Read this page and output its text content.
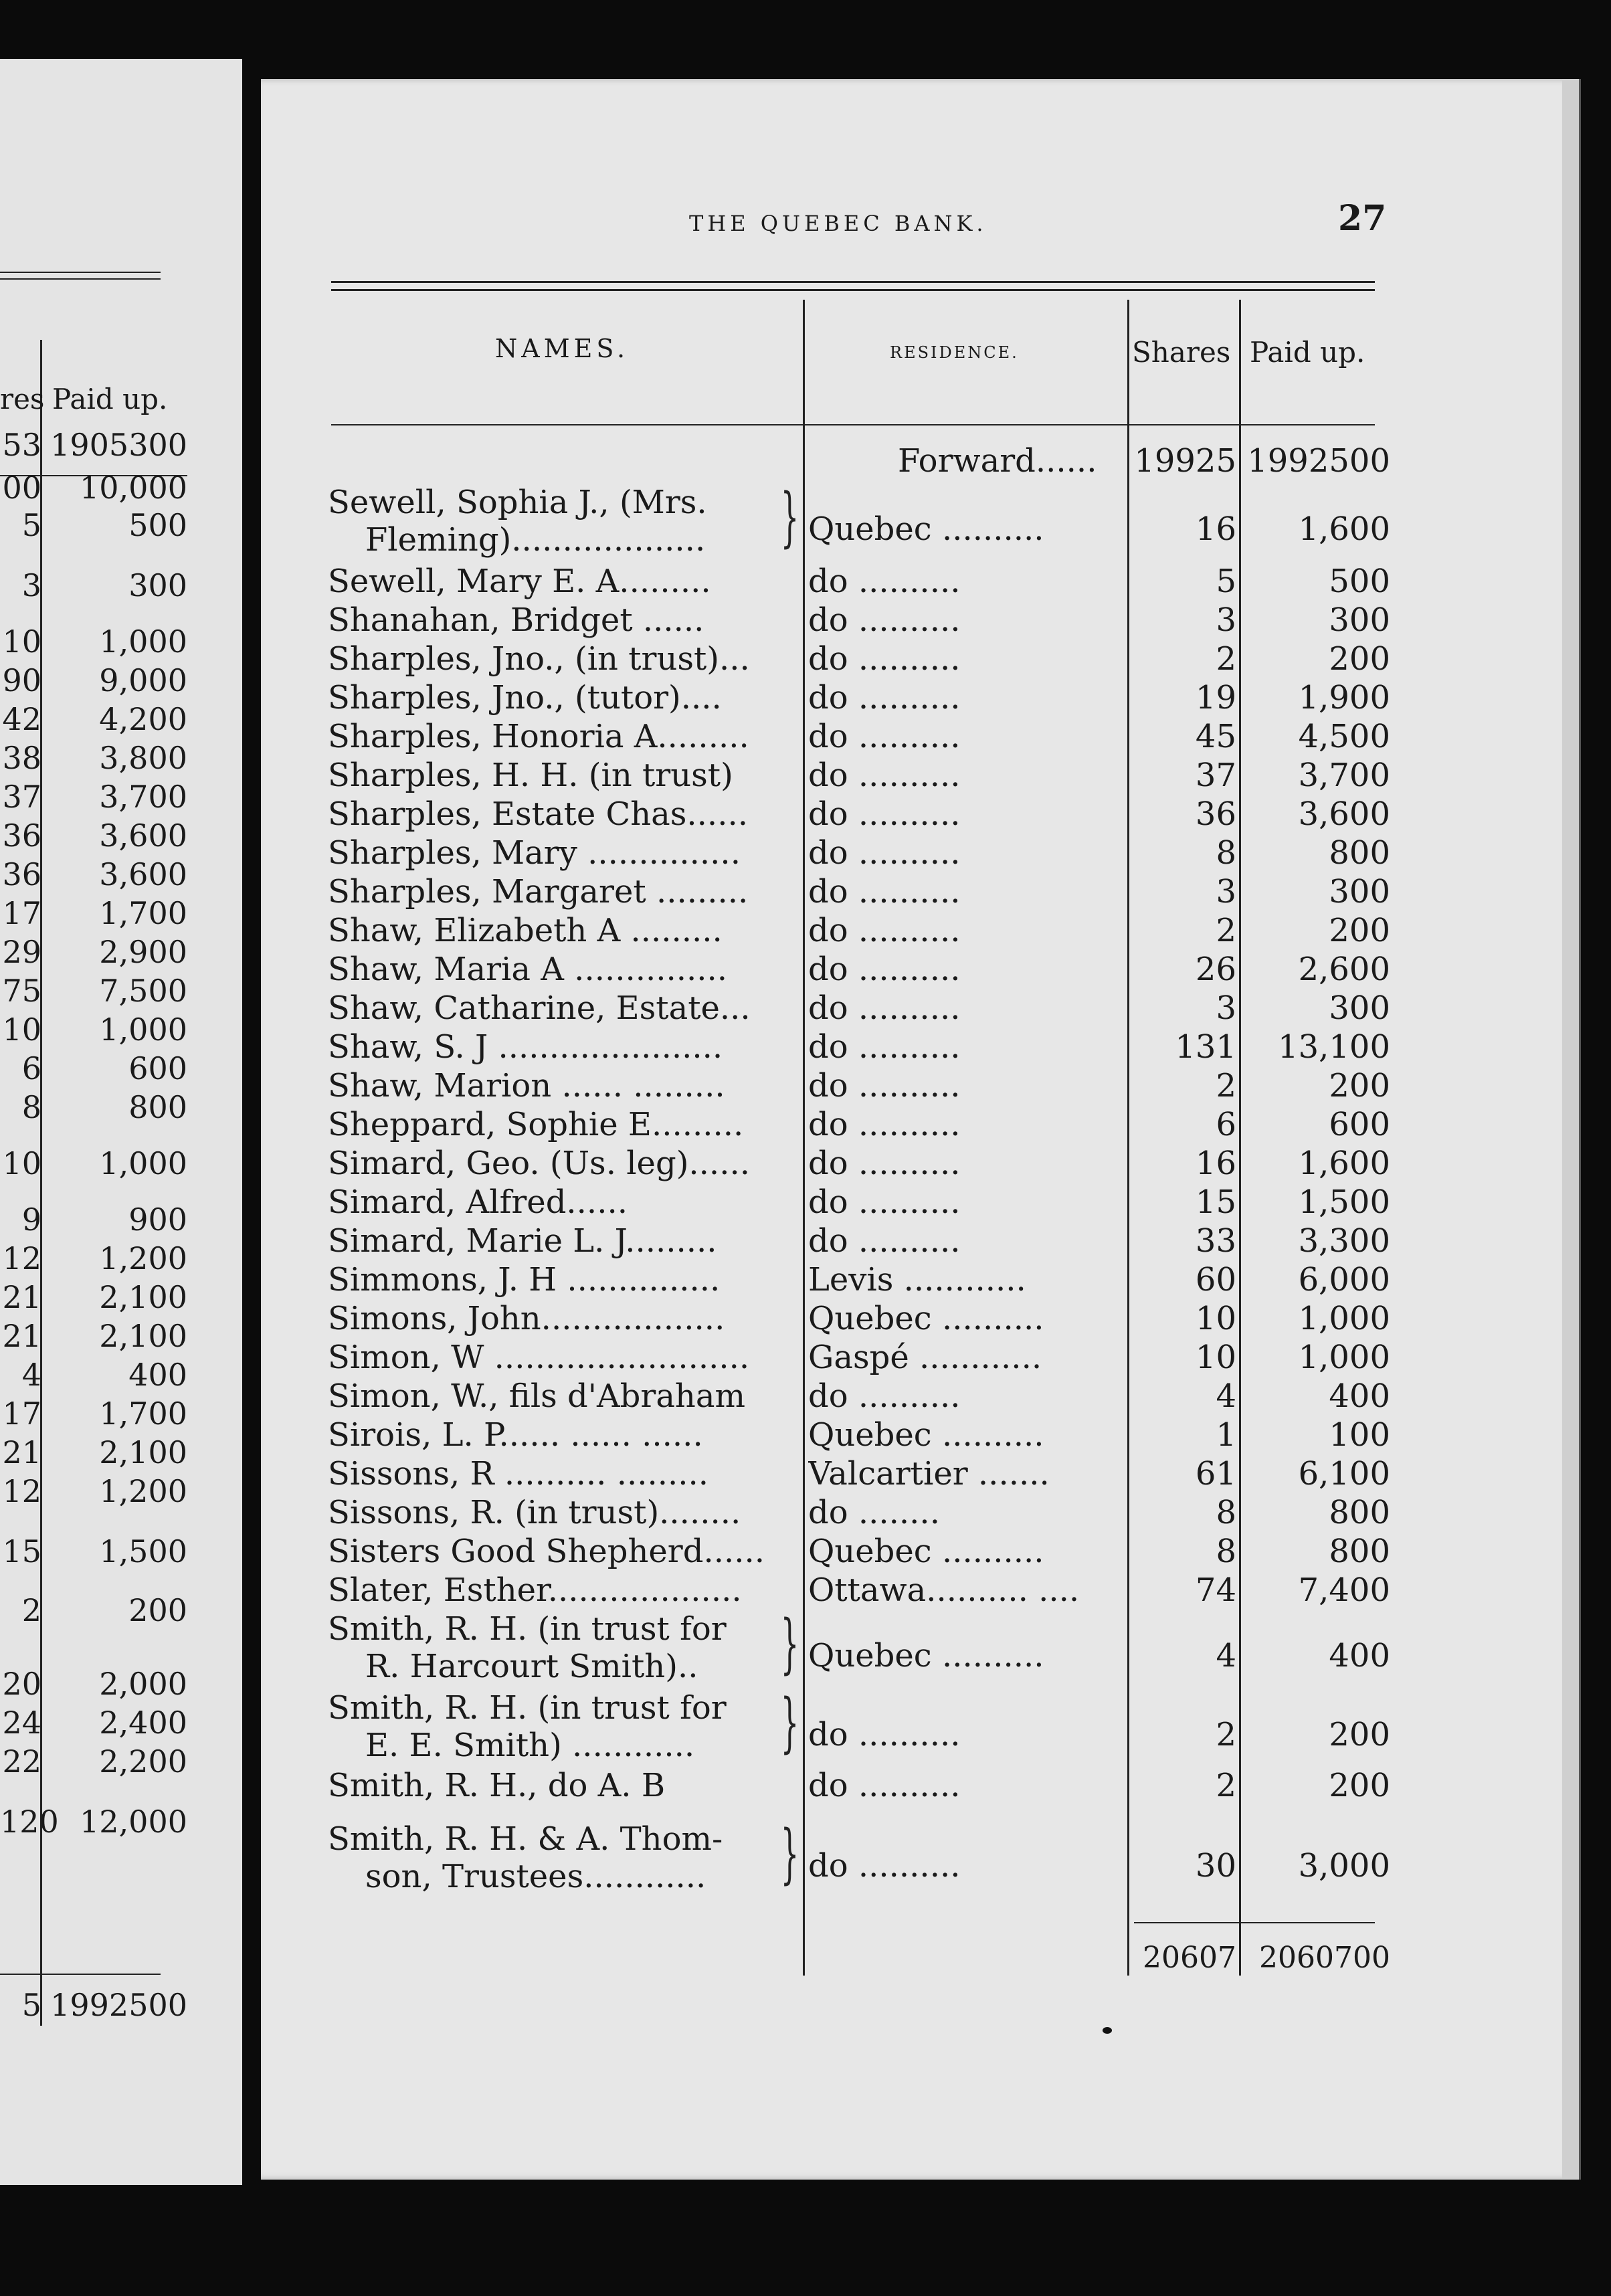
res Paid up.
53 1905300
00	10,000
5	500
3	300
10	1,000
90	9,000
42	4,200
38	3,800
37	3,700
36	3,600
36	3,600
17	1,700
29	2,900
75	7,500
10	1,000
6	600
8	800
10	1,000
9	900
12	1,200
21	2,100
21	2,100
4	400
17	1,700
21	2,100
12	1,200
15	1,500
2	200
20	2,000
24	2,400
22	2,200
120 12,000
5 1992500
THE QUEBEC BANK.	27
NAMES.	RESIDENCE.	Shares Paid up.
Forward...... 19925 1992500
Sewell, Sophia J., (Mrs.
Fleming)...................	} Quebec ..........	16	1,600
Sewell, Mary E. A.........	do ..........	5	500
Shanahan, Bridget ......	do ..........	3	300
Sharples, Jno., (in trust)...	do ..........	2	200
Sharples, Jno., (tutor)....	do ..........	19	1,900
Sharples, Honoria A.........	do ..........	45	4,500
Sharples, H. H. (in trust)	do ..........	37	3,700
Sharples, Estate Chas......	do ..........	36	3,600
Sharples, Mary ...............	do ..........	8	800
Sharples, Margaret .........	do ..........	3	300
Shaw, Elizabeth A .........	do ..........	2	200
Shaw, Maria A ...............	do ..........	26	2,600
Shaw, Catharine, Estate...	do ..........	3	300
Shaw, S. J ......................	do ..........	131	13,100
Shaw, Marion ...... .........	do ..........	2	200
Sheppard, Sophie E.........	do ..........	6	600
Simard, Geo. (Us. leg)......	do ..........	16	1,600
Simard, Alfred......	do ..........	15	1,500
Simard, Marie L. J.........	do ..........	33	3,300
Simmons, J. H ...............	Levis ............	60	6,000
Simons, John..................	Quebec ..........	10	1,000
Simon, W .........................	Gaspé ............	10	1,000
Simon, W., fils d'Abraham	do ..........	4	400
Sirois, L. P...... ...... ......	Quebec ..........	1	100
Sissons, R .......... .........	Valcartier .......	61	6,100
Sissons, R. (in trust)........	do ........	8	800
Sisters Good Shepherd......	Quebec ..........	8	800
Slater, Esther...................	Ottawa.......... ....	74	7,400
Smith, R. H. (in trust for
R. Harcourt Smith)..	} Quebec ..........	4	400
Smith, R. H. (in trust for
E. E. Smith) ............	} do ..........	2	200
Smith, R. H., do A. B	do ..........	2	200
Smith, R. H. & A. Thom-
son, Trustees............	} do ..........	30	3,000
20607 2060700
